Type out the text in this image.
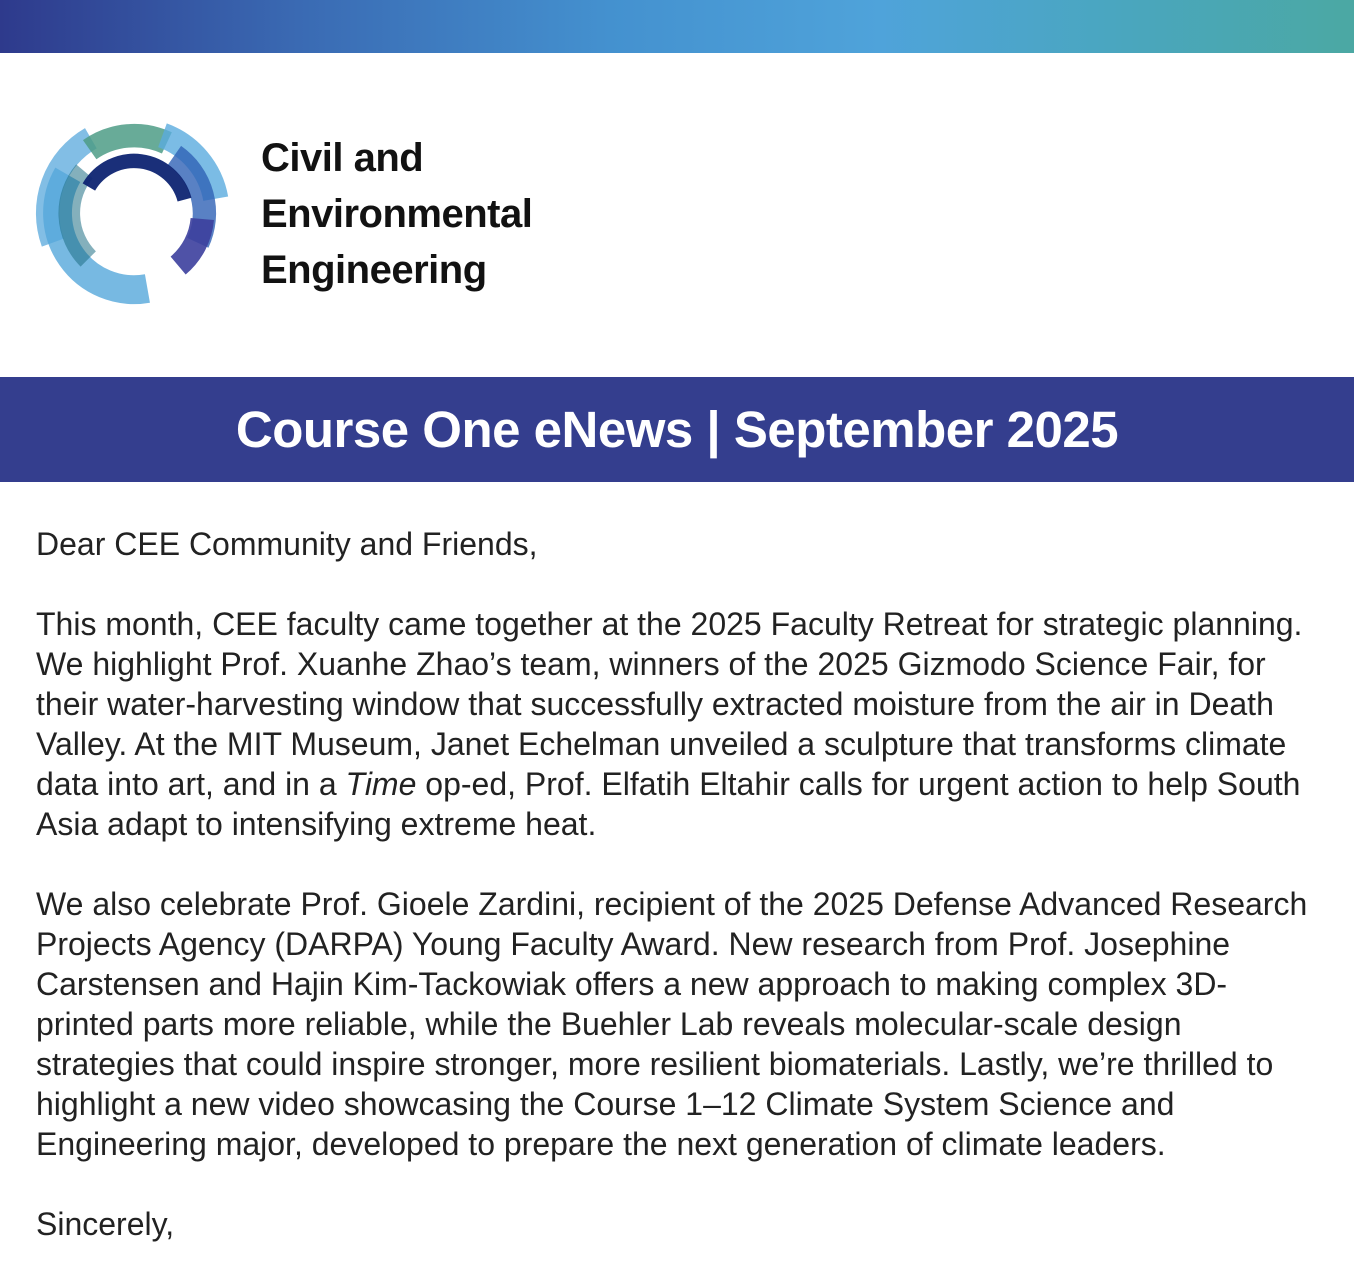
Civil and
Environmental
Engineering
Course One eNews | September 2025

Dear CEE Community and Friends,

This month, CEE faculty came together at the 2025 Faculty Retreat for strategic planning. We highlight Prof. Xuanhe Zhao’s team, winners of the 2025 Gizmodo Science Fair, for their water-harvesting window that successfully extracted moisture from the air in Death Valley. At the MIT Museum, Janet Echelman unveiled a sculpture that transforms climate data into art, and in a Time op-ed, Prof. Elfatih Eltahir calls for urgent action to help South Asia adapt to intensifying extreme heat.

We also celebrate Prof. Gioele Zardini, recipient of the 2025 Defense Advanced Research Projects Agency (DARPA) Young Faculty Award. New research from Prof. Josephine Carstensen and Hajin Kim-Tackowiak offers a new approach to making complex 3D-printed parts more reliable, while the Buehler Lab reveals molecular-scale design strategies that could inspire stronger, more resilient biomaterials. Lastly, we’re thrilled to highlight a new video showcasing the Course 1–12 Climate System Science and Engineering major, developed to prepare the next generation of climate leaders.

Sincerely,
